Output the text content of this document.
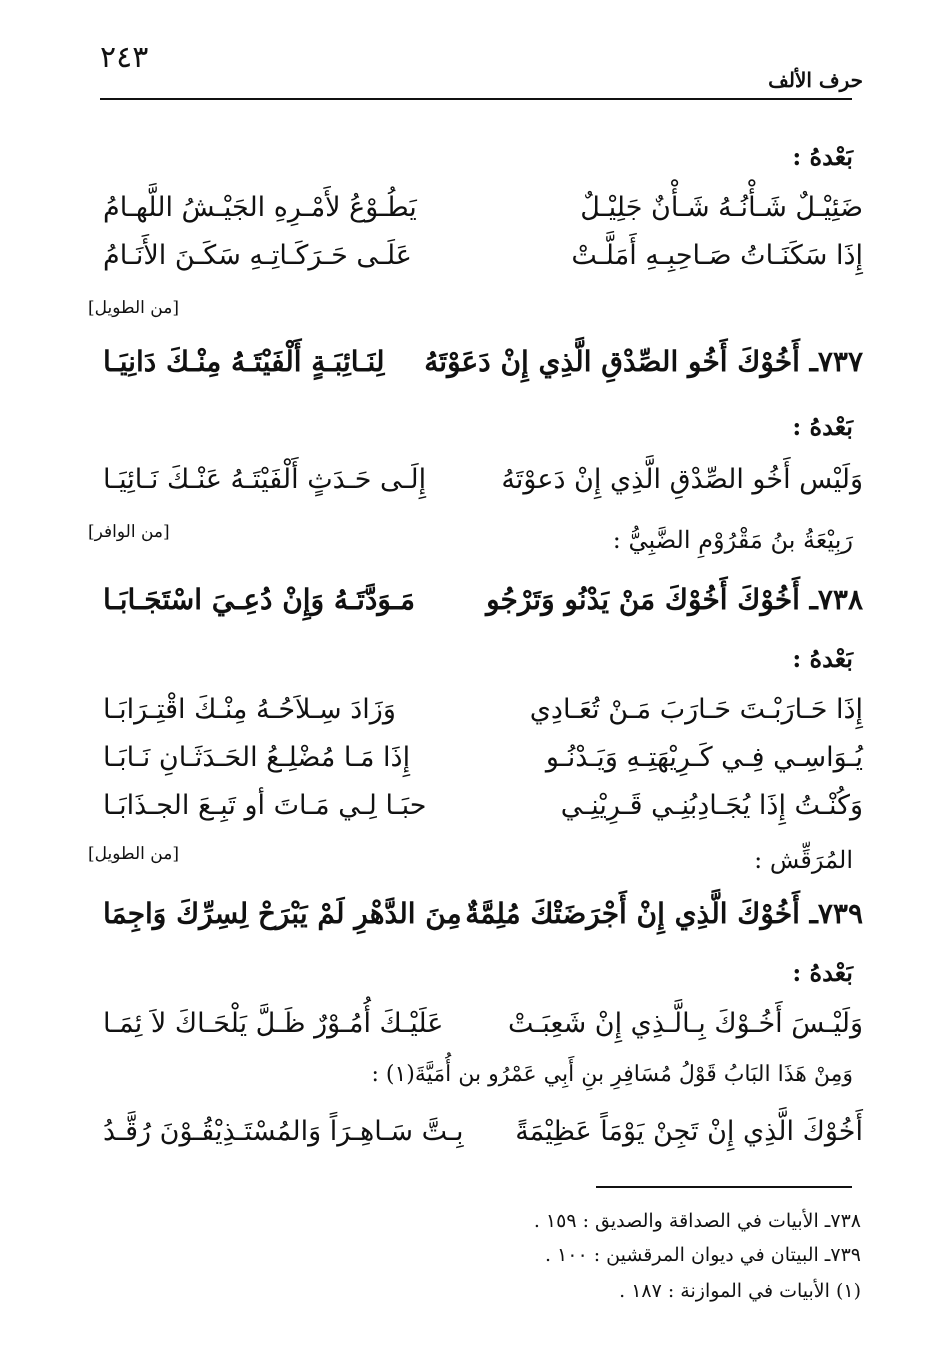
٢٤٣
حرف الألف
بَعْدهُ :
ضَئِيْـلٌ شَـأْنُـهُ شَـأْنٌ جَلِيْـلٌ
يَطُـوْعُ لأَمْـرِهِ الجَيْـشُ اللَّهـامُ
إِذَا سَكَنَـاتُ صَـاحِبِـهِ أَمَلَّـتْ
عَلَـى حَـرَكَـاتِـهِ سَكَـنَ الأَنَـامُ
[من الطويل]
٧٣٧ـ أَخُوْكَ أَخُو الصِّدْقِ الَّذِي إِنْ دَعَوْتَهُ
لِنَـائِبَـةٍ أَلْفَيْتَـهُ مِنْـكَ دَانِيَـا
بَعْدهُ :
وَلَيْس أَخُو الصِّدْقِ الَّذِي إِنْ دَعوْتَهُ
إِلَـى حَـدَثٍ أَلْفَيْتَـهُ عَنْـكَ نَـائِيَـا
[من الوافر]	رَبِيْعَةُ بنُ مَقْرُوْمِ الضَّبِيُّ :
٧٣٨ـ أَخُوْكَ أَخُوْكَ مَنْ يَدْنُو وَتَرْجُو
مَـوَدَّتَـهُ وَإِنْ دُعِـيَ اسْتَجَـابَـا
بَعْدهُ :
إِذَا حَـارَبْـتَ حَـارَبَ مَـنْ تُعَـادِي
وَزَادَ سِـلاَحُـهُ مِنْـكَ اقْتِـرَابَـا
يُـوَاسِـي فِـي كَـرِيْهَتِـهِ وَيَـدْنُـو
إِذَا مَـا مُضْلِـعُ الحَـدَثَـانِ نَـابَـا
وَكُنْـتُ إِذَا يُجَـادِبُنِـي قَـرِيْنِـي
حبَـا لِـي مَـاتَ أو تَبِـعَ الجـذَابَـا
[من الطويل]	المُرَقِّش :
٧٣٩ـ أَخُوْكَ الَّذِي إِنْ أَجْرَضَتْكَ مُلِمَّةٌ
مِنَ الدَّهْرِ لَمْ يَبْرَحْ لِسِرِّكَ وَاجِمَا
بَعْدهُ :
وَلَيْـسَ أَخُـوْكَ بِـالَّـذِي إِنْ شَعِبَـتْ
عَلَيْـكَ أُمُـوْرٌ ظَـلَّ يَلْحَـاكَ لاَ ئِمَـا
وَمِنْ هَذَا البَابُ قَوْلُ مُسَافِرِ بنِ أَبِي عَمْرُو بن أُمَيَّةَ(١) :
أَخُوْكَ الَّذِي إِنْ تَجِنْ يَوْمَاً عَظِيْمَةً
بِـتَّ سَـاهِـرَاً وَالمُسْتَـذِيْقُـوْنَ رُقَّـدُ
٧٣٨ـ الأبيات في الصداقة والصديق : ١٥٩ .
٧٣٩ـ البيتان في ديوان المرقشين : ١٠٠ .
(١) الأبيات في الموازنة : ١٨٧ .
